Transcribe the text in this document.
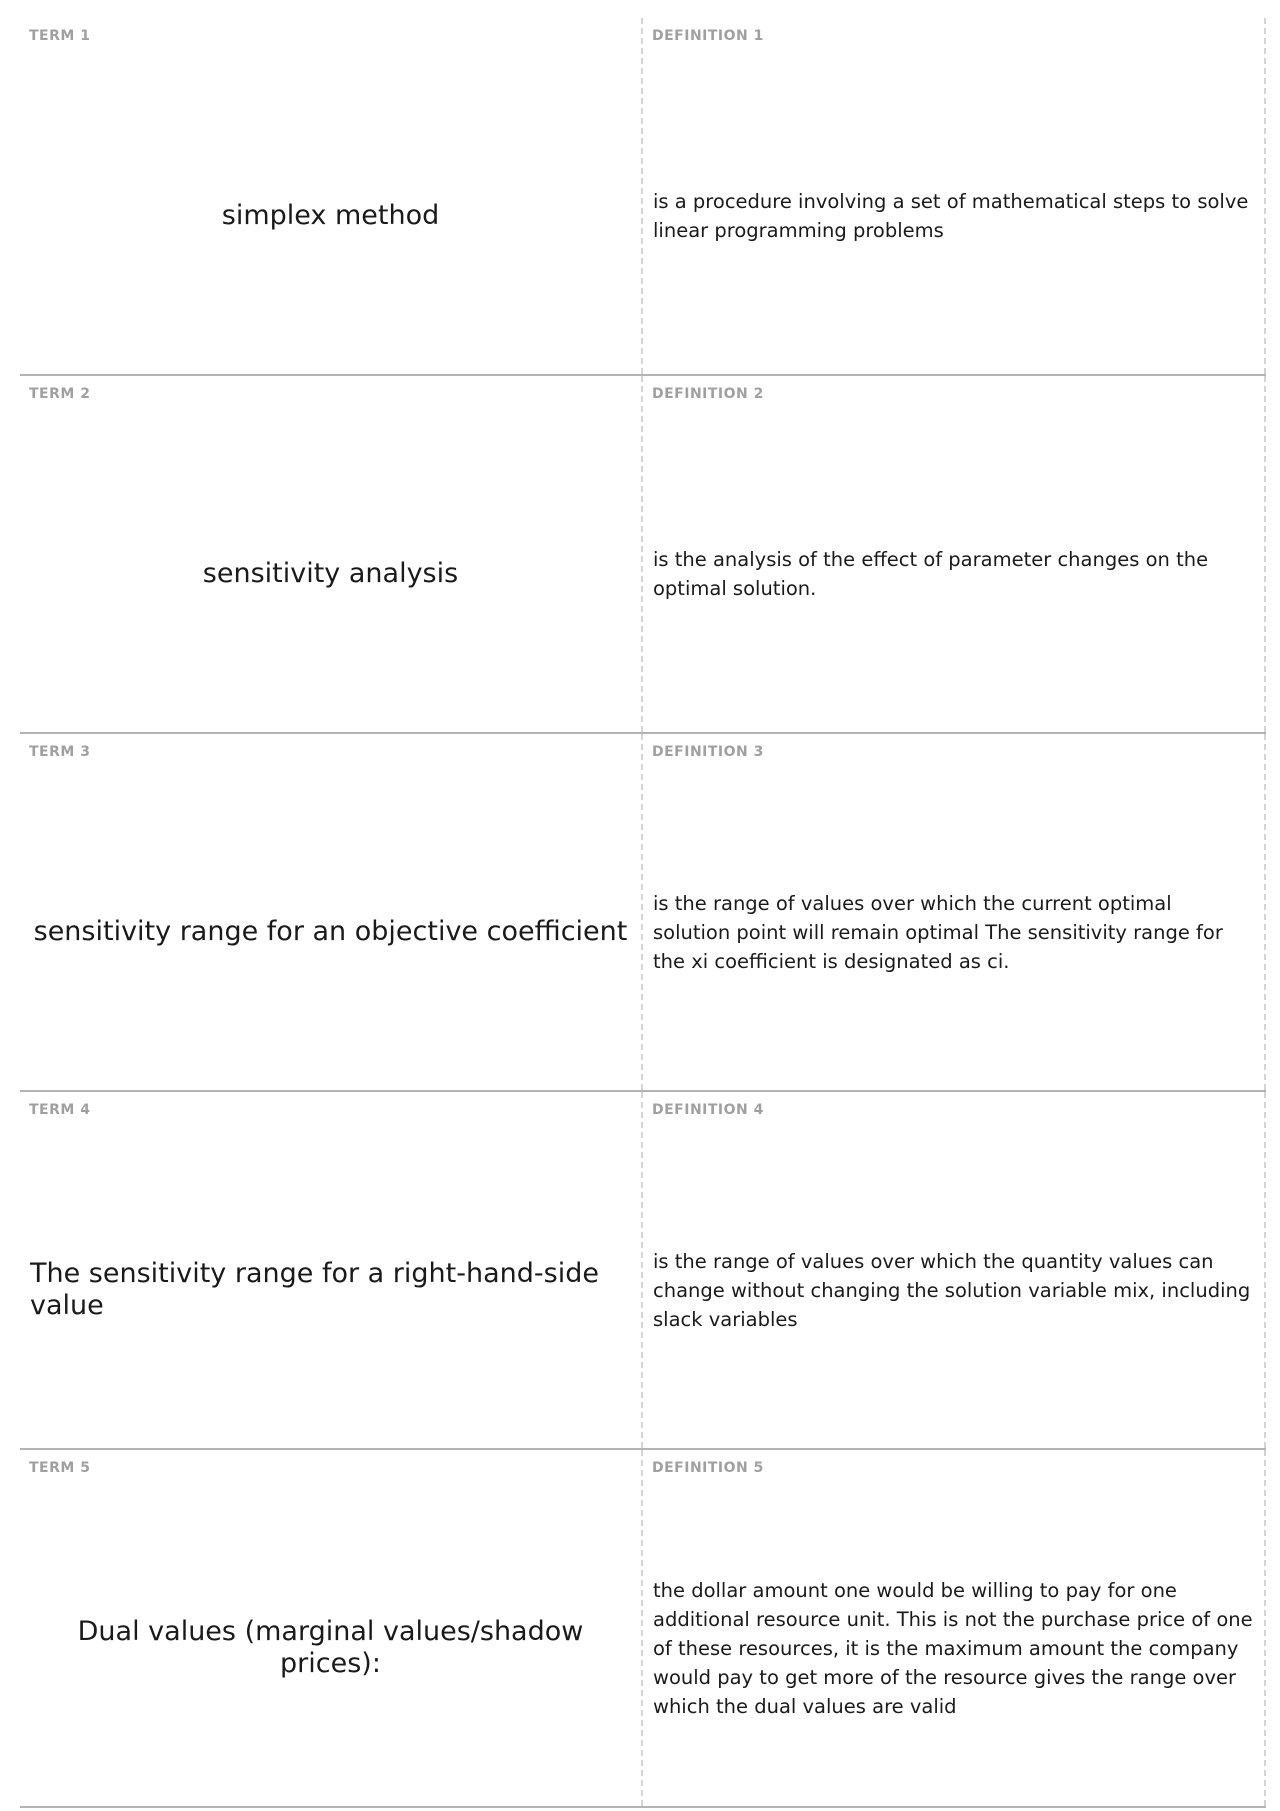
TERM 1
simplex method
DEFINITION 1
is a procedure involving a set of mathematical steps to solve linear programming problems
TERM 2
sensitivity analysis
DEFINITION 2
is the analysis of the effect of parameter changes on the optimal solution.
TERM 3
sensitivity range for an objective coefficient
DEFINITION 3
is the range of values over which the current optimal solution point will remain optimal The sensitivity range for the xi coefficient is designated as ci.
TERM 4
The sensitivity range for a right-hand-side value
DEFINITION 4
is the range of values over which the quantity values can change without changing the solution variable mix, including slack variables
TERM 5
Dual values (marginal values/shadow prices):
DEFINITION 5
the dollar amount one would be willing to pay for one additional resource unit. This is not the purchase price of one of these resources, it is the maximum amount the company would pay to get more of the resource gives the range over which the dual values are valid
